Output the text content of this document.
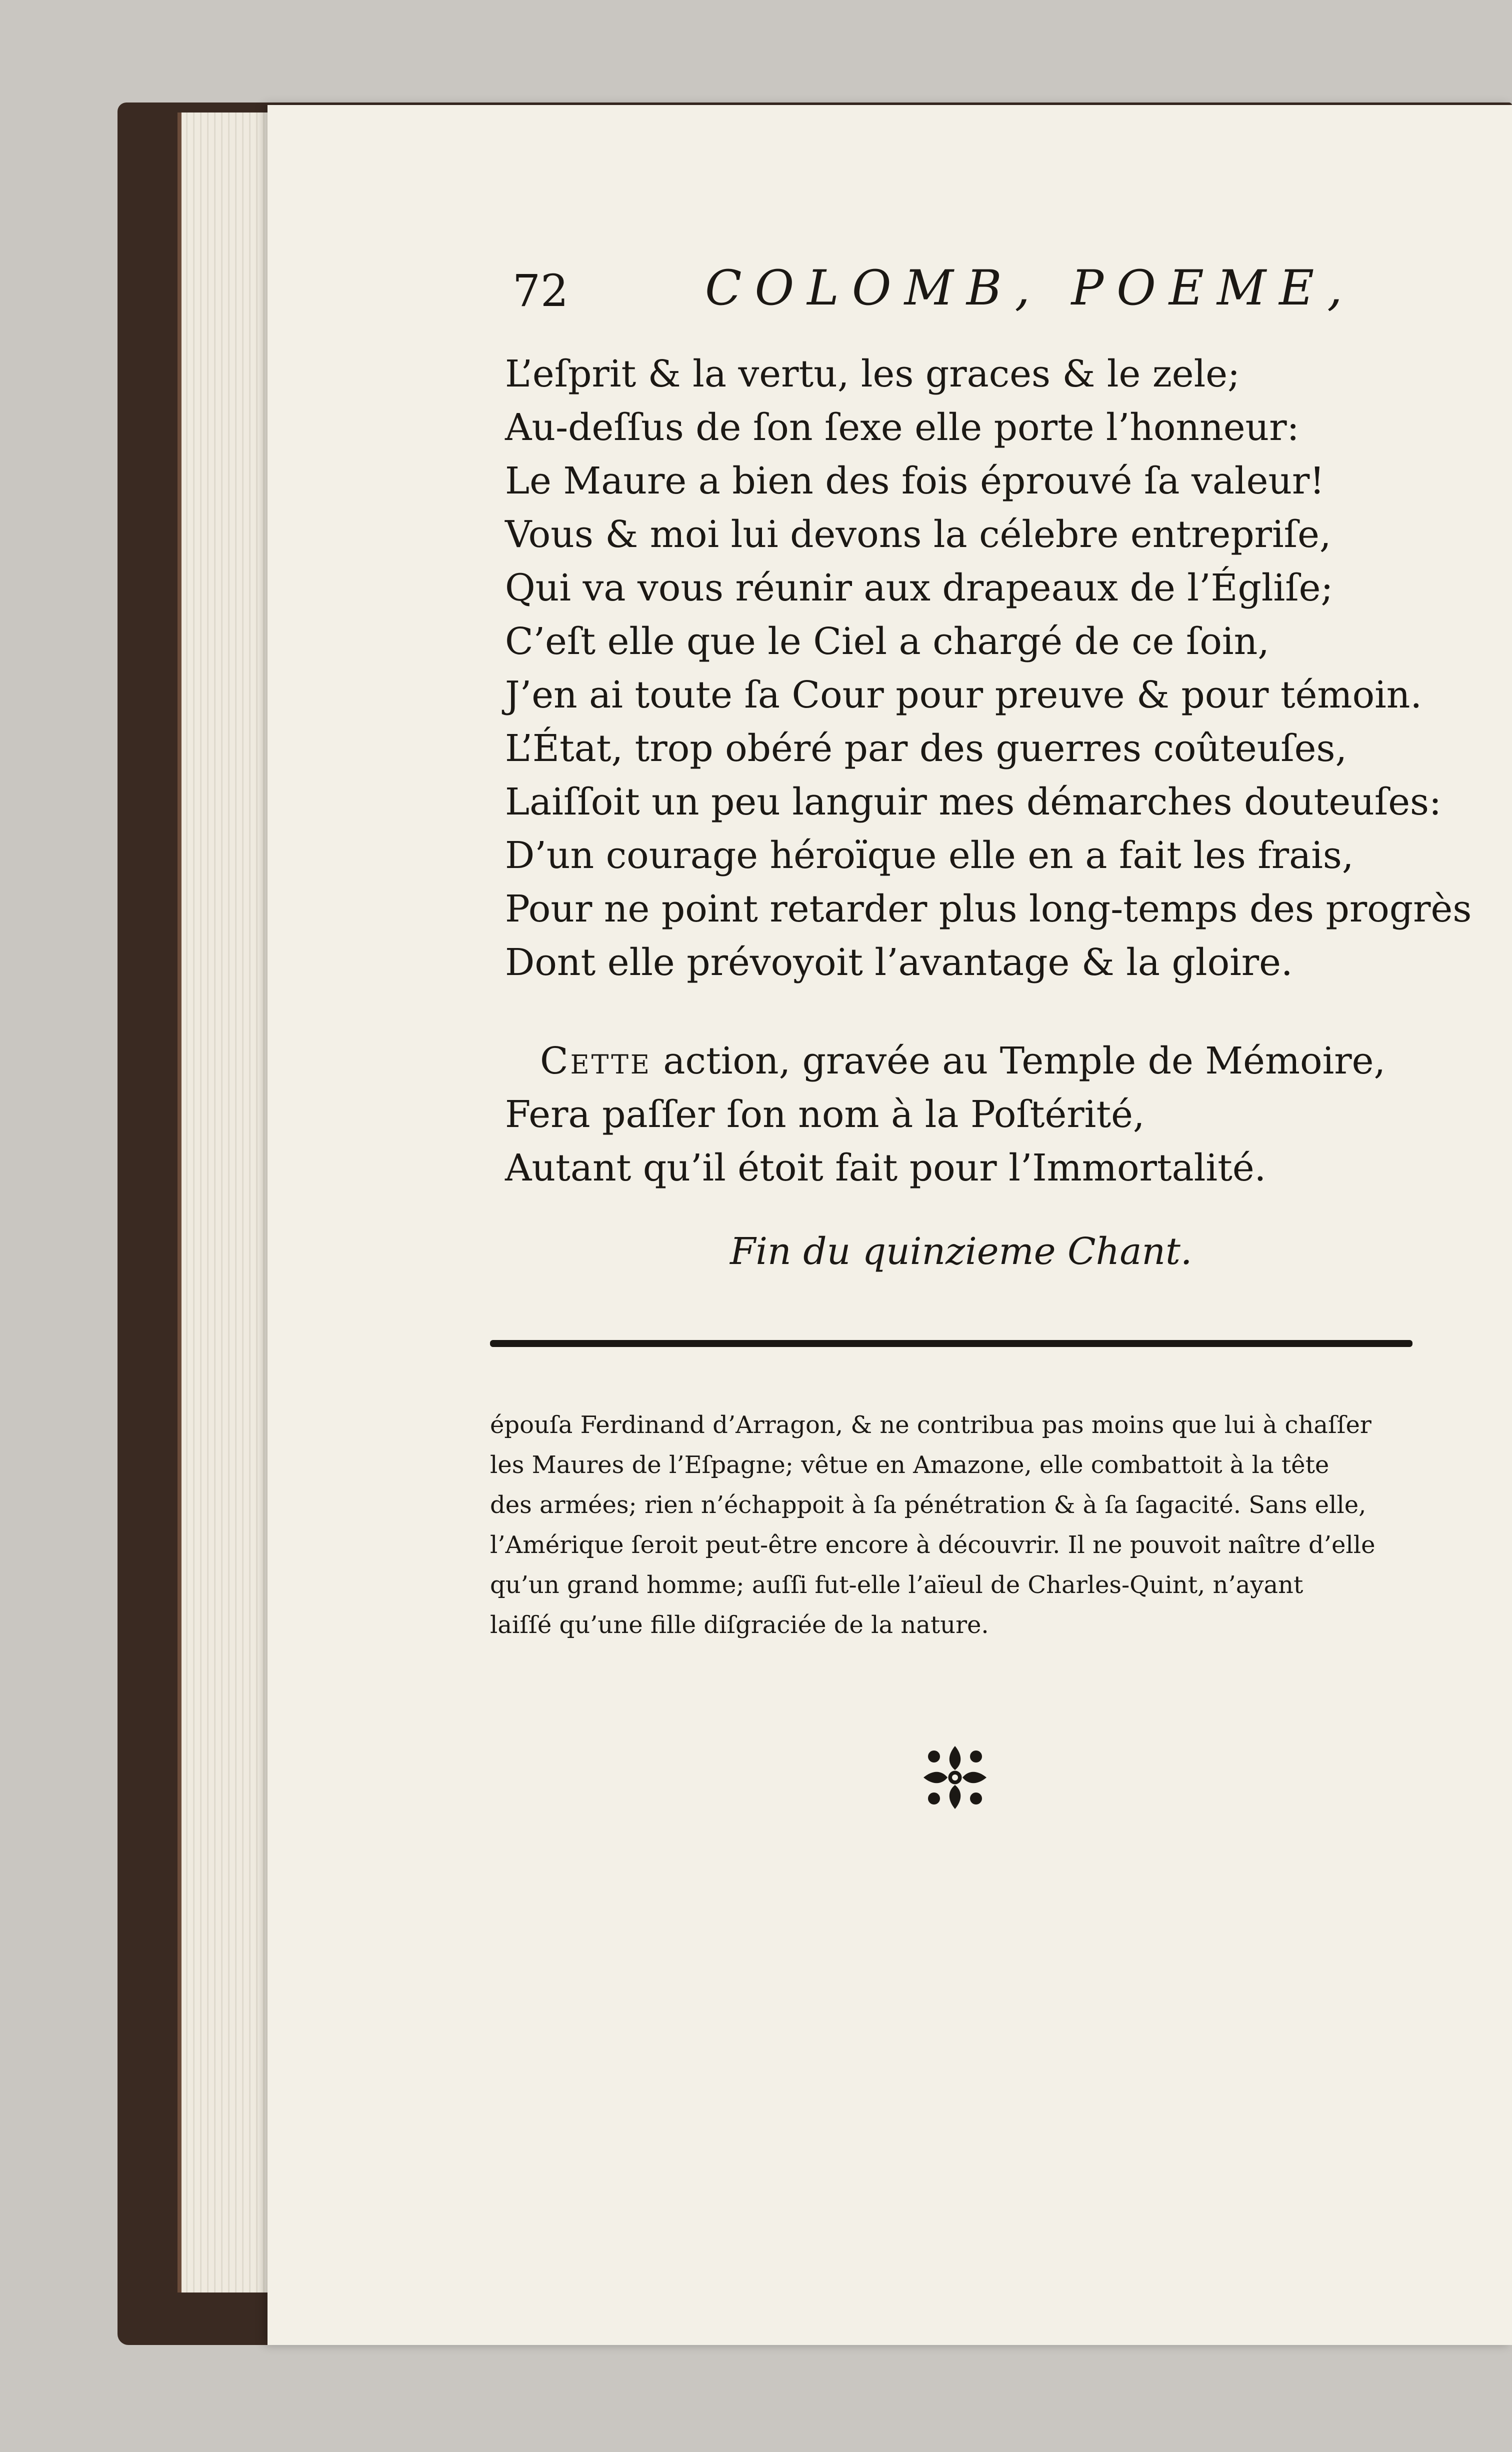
72	COLOMB, POEME,
L’eſprit & la vertu, les graces & le zele;
Au-deſſus de ſon ſexe elle porte l’honneur:
Le Maure a bien des fois éprouvé ſa valeur!
Vous & moi lui devons la célebre entrepriſe,
Qui va vous réunir aux drapeaux de l’Égliſe;
C’eſt elle que le Ciel a chargé de ce ſoin,
J’en ai toute ſa Cour pour preuve & pour témoin.
L’État, trop obéré par des guerres coûteuſes,
Laiſſoit un peu languir mes démarches douteuſes:
D’un courage héroïque elle en a fait les frais,
Pour ne point retarder plus long-temps des progrès
Dont elle prévoyoit l’avantage & la gloire.
Cette action, gravée au Temple de Mémoire,
Fera paſſer ſon nom à la Poſtérité,
Autant qu’il étoit fait pour l’Immortalité.
Fin du quinzieme Chant.
épouſa Ferdinand d’Arragon, & ne contribua pas moins que lui à chaſſer
les Maures de l’Eſpagne; vêtue en Amazone, elle combattoit à la tête
des armées; rien n’échappoit à ſa pénétration & à ſa ſagacité. Sans elle,
l’Amérique ſeroit peut-être encore à découvrir. Il ne pouvoit naître d’elle
qu’un grand homme; auſſi fut-elle l’aïeul de Charles-Quint, n’ayant
laiſſé qu’une fille diſgraciée de la nature.
